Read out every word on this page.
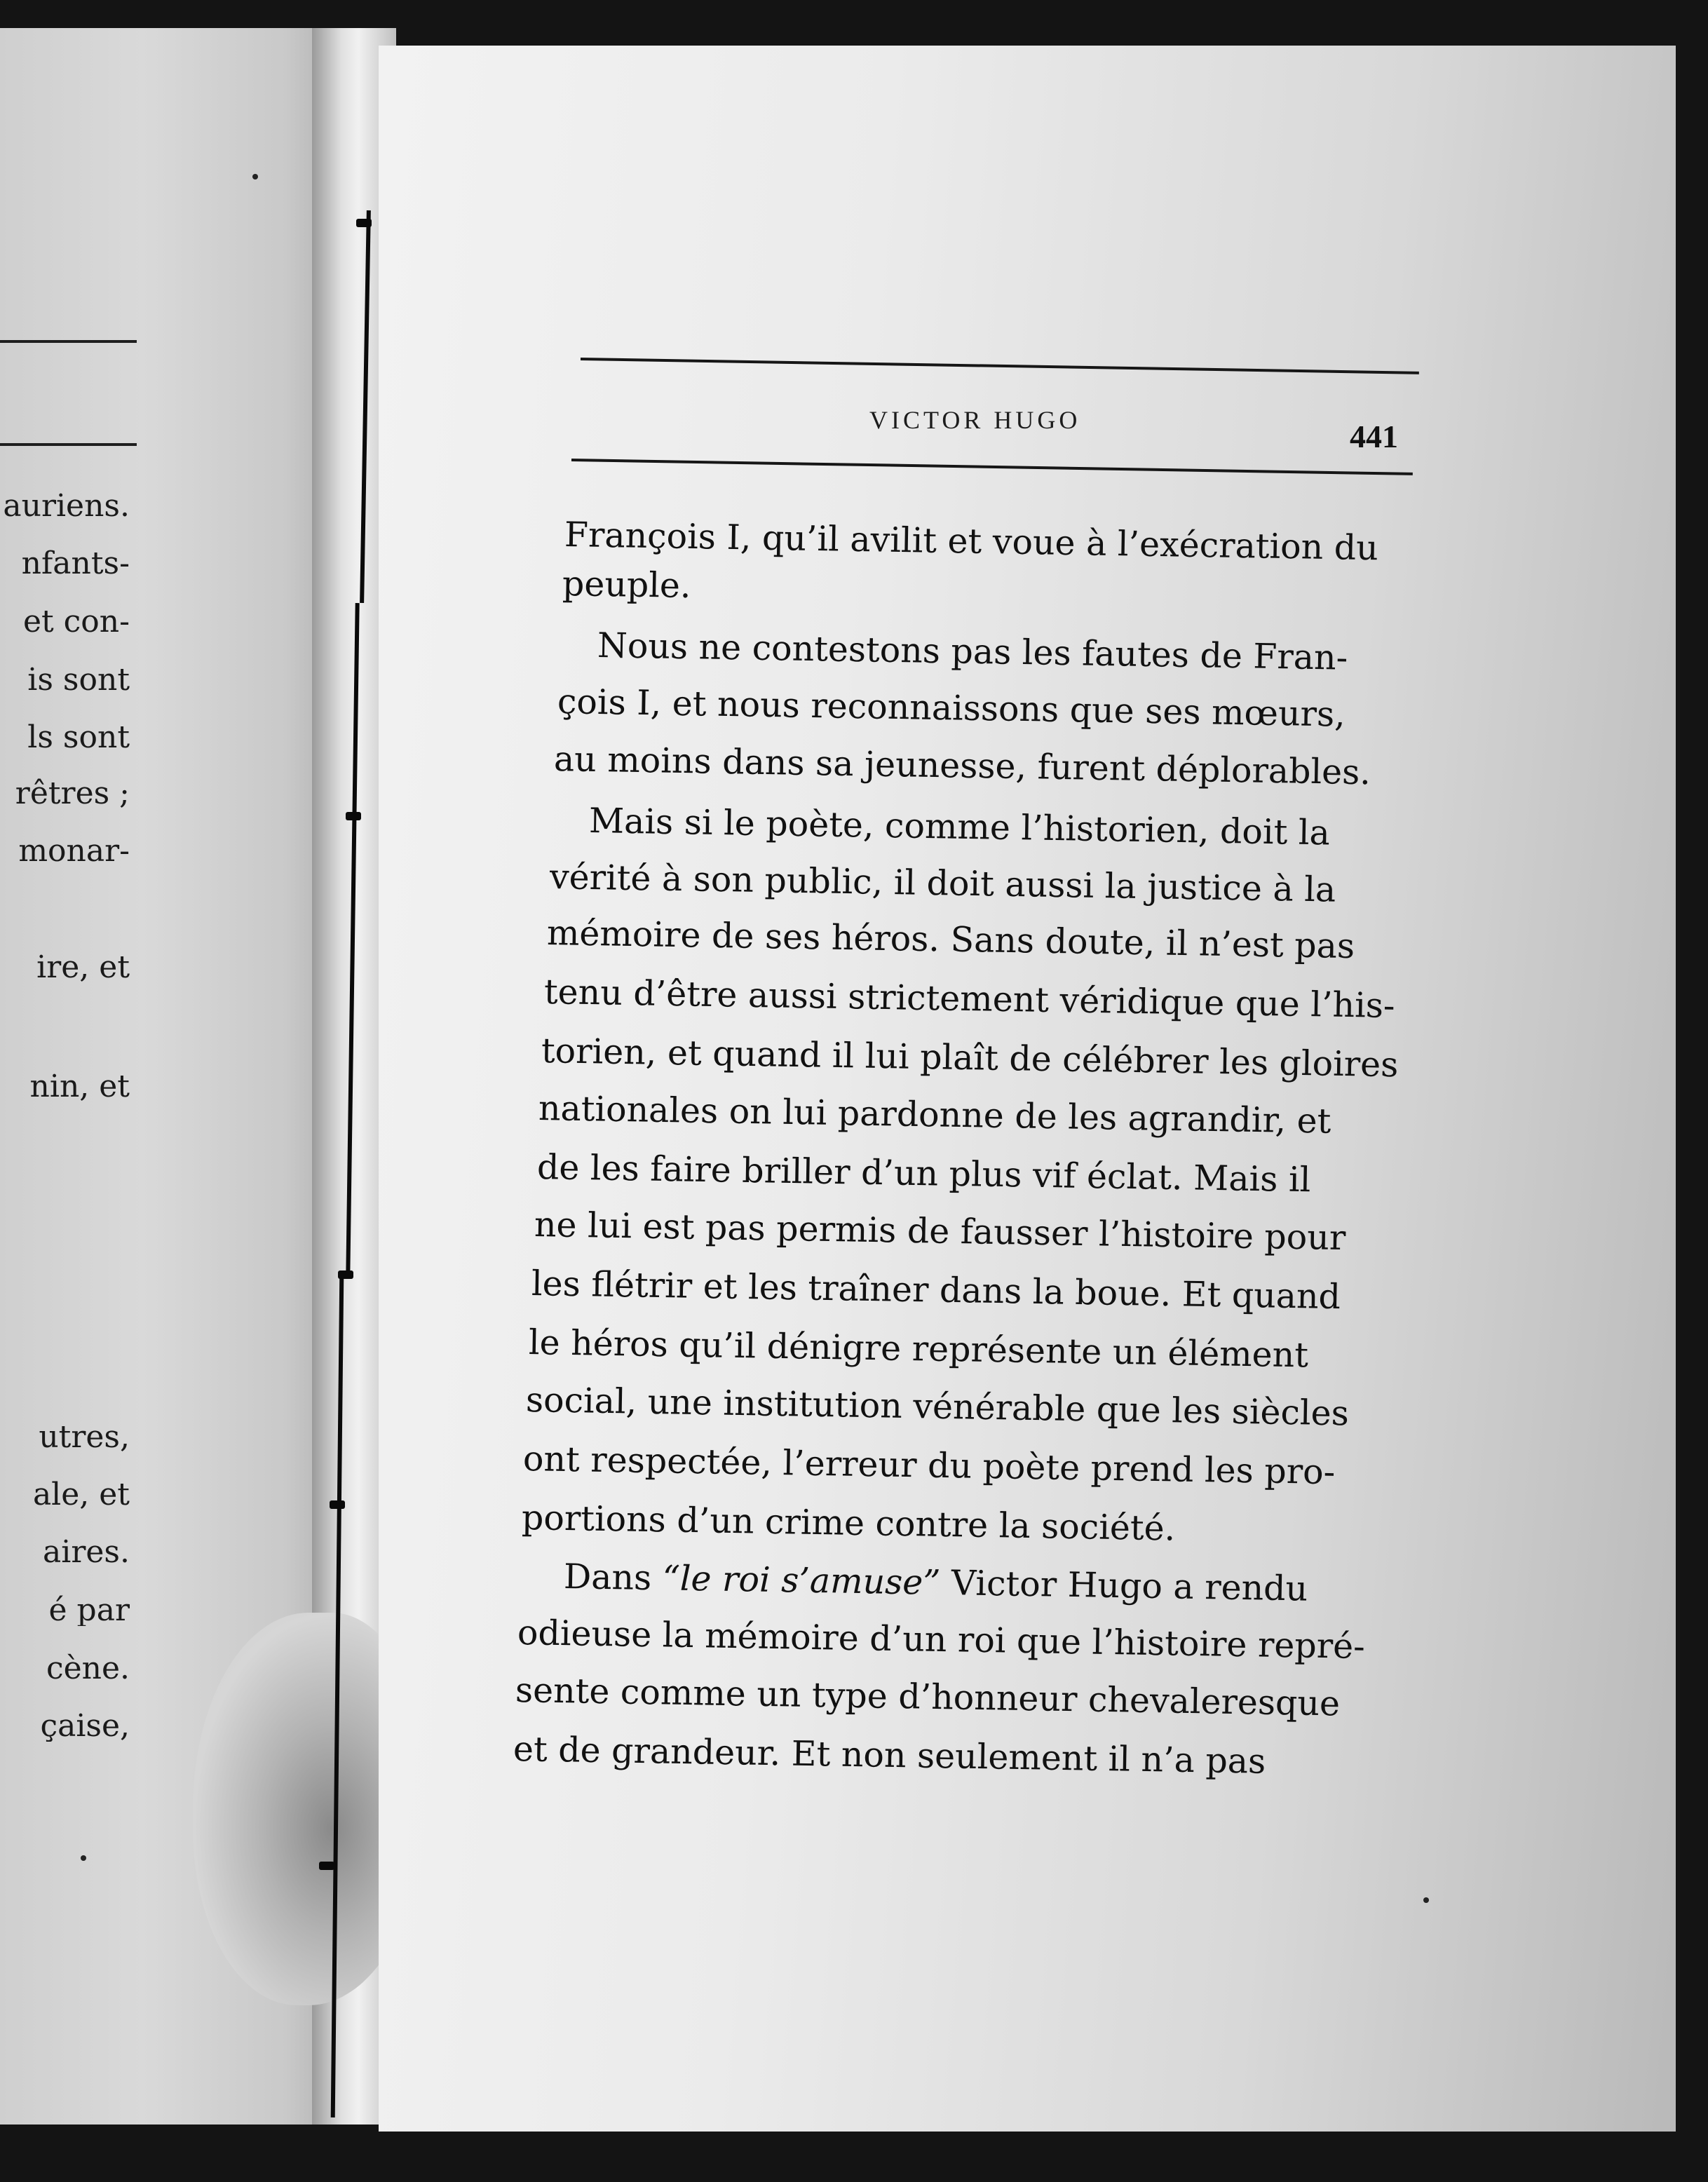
auriens.
nfants-
et con-
is sont
ls sont
rêtres ;
monar-
ire, et
nin, et
utres,
ale, et
aires.
é par
cène.
çaise,
VICTOR HUGO	441
François I, qu’il avilit et voue à l’exécration du
peuple.
Nous ne contestons pas les fautes de Fran-
çois I, et nous reconnaissons que ses mœurs,
au moins dans sa jeunesse, furent déplorables.
Mais si le poète, comme l’historien, doit la
vérité à son public, il doit aussi la justice à la
mémoire de ses héros. Sans doute, il n’est pas
tenu d’être aussi strictement véridique que l’his-
torien, et quand il lui plaît de célébrer les gloires
nationales on lui pardonne de les agrandir, et
de les faire briller d’un plus vif éclat. Mais il
ne lui est pas permis de fausser l’histoire pour
les flétrir et les traîner dans la boue. Et quand
le héros qu’il dénigre représente un élément
social, une institution vénérable que les siècles
ont respectée, l’erreur du poète prend les pro-
portions d’un crime contre la société.
Dans “le roi s’amuse” Victor Hugo a rendu
odieuse la mémoire d’un roi que l’histoire repré-
sente comme un type d’honneur chevaleresque
et de grandeur. Et non seulement il n’a pas
